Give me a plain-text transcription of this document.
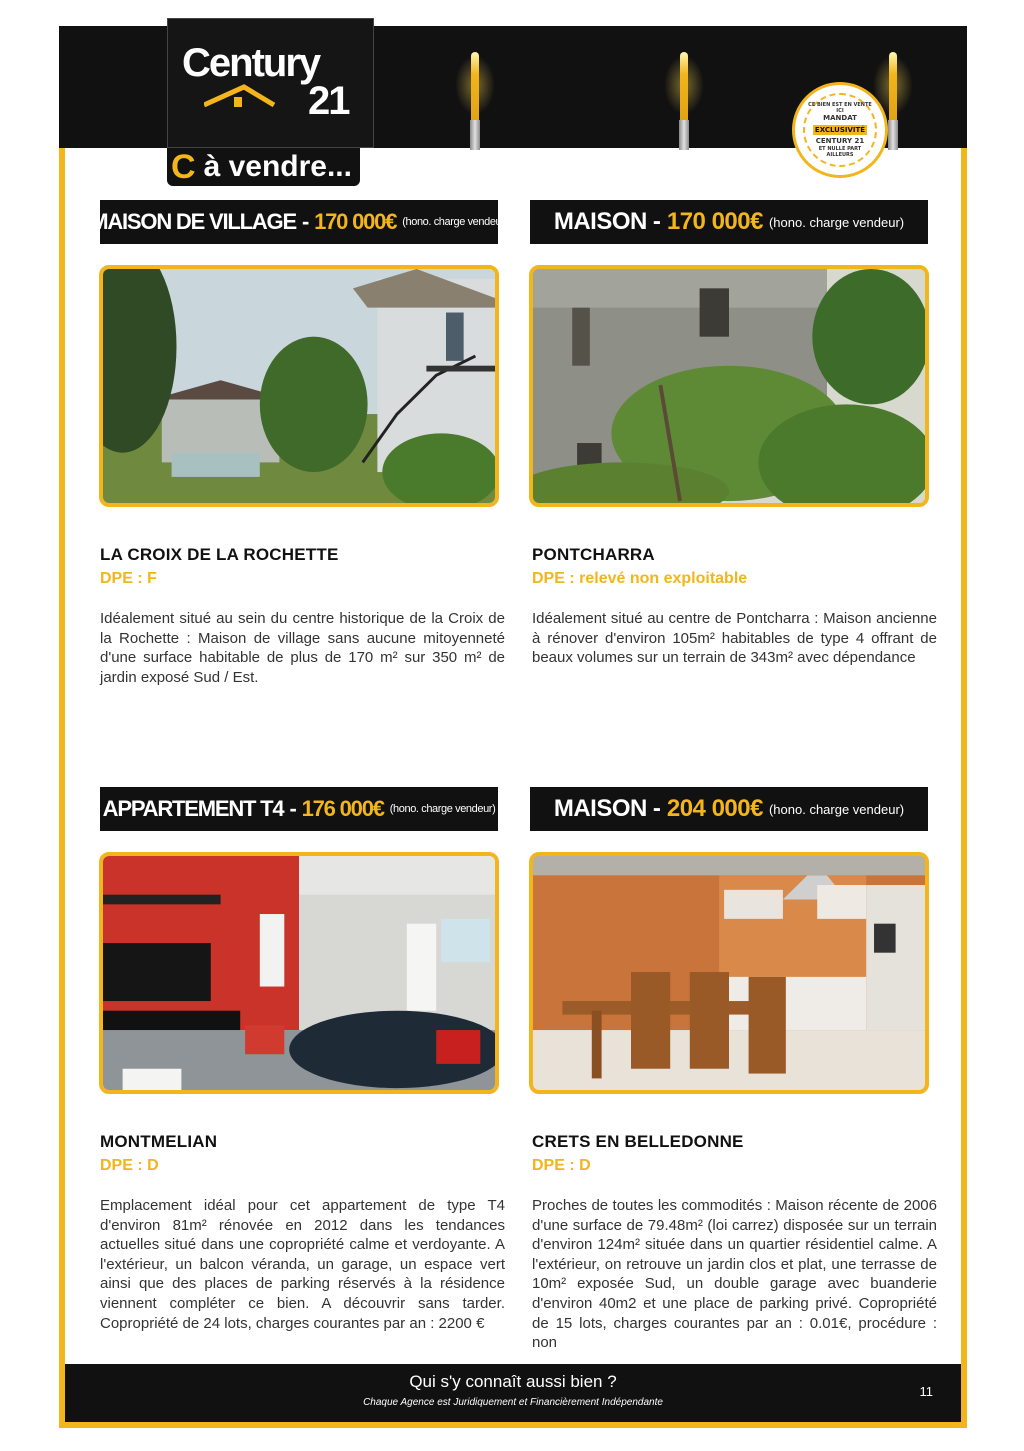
Century
21
C à vendre...
CE BIEN EST EN VENTE ICI
MANDAT
EXCLUSIVITÉ
CENTURY 21
ET NULLE PART AILLEURS
MAISON DE VILLAGE - 170 000€ (hono. charge vendeur)
LA CROIX DE LA ROCHETTE
DPE : F
Idéalement situé au sein du centre historique de la Croix de la Rochette : Maison de village sans aucune mitoyenneté d'une surface habitable de plus de 170 m² sur 350 m² de jardin exposé Sud / Est.
MAISON - 170 000€ (hono. charge vendeur)
PONTCHARRA
DPE : relevé non exploitable
Idéalement situé au centre de Pontcharra : Maison ancienne à rénover d'environ 105m² habitables de type 4 offrant de beaux volumes sur un terrain de 343m² avec dépendance
APPARTEMENT T4 - 176 000€ (hono. charge vendeur)
MONTMELIAN
DPE : D
Emplacement idéal pour cet appartement de type T4 d'environ 81m² rénovée en 2012 dans les tendances actuelles situé dans une copropriété calme et verdoyante. A l'extérieur, un balcon véranda, un garage, un espace vert ainsi que des places de parking réservés à la résidence viennent compléter ce bien. A découvrir sans tarder. Copropriété de 24 lots, charges courantes par an : 2200 €
MAISON - 204 000€ (hono. charge vendeur)
CRETS EN BELLEDONNE
DPE : D
Proches de toutes les commodités : Maison récente de 2006 d'une surface de 79.48m² (loi carrez) disposée sur un terrain d'environ 124m² située dans un quartier résidentiel calme. A l'extérieur, on retrouve un jardin clos et plat, une terrasse de 10m² exposée Sud, un double garage avec buanderie d'environ 40m2 et une place de parking privé. Copropriété de 15 lots, charges courantes par an : 0.01€, procédure : non
Qui s'y connaît aussi bien ?
Chaque Agence est Juridiquement et Financièrement Indépendante
11
